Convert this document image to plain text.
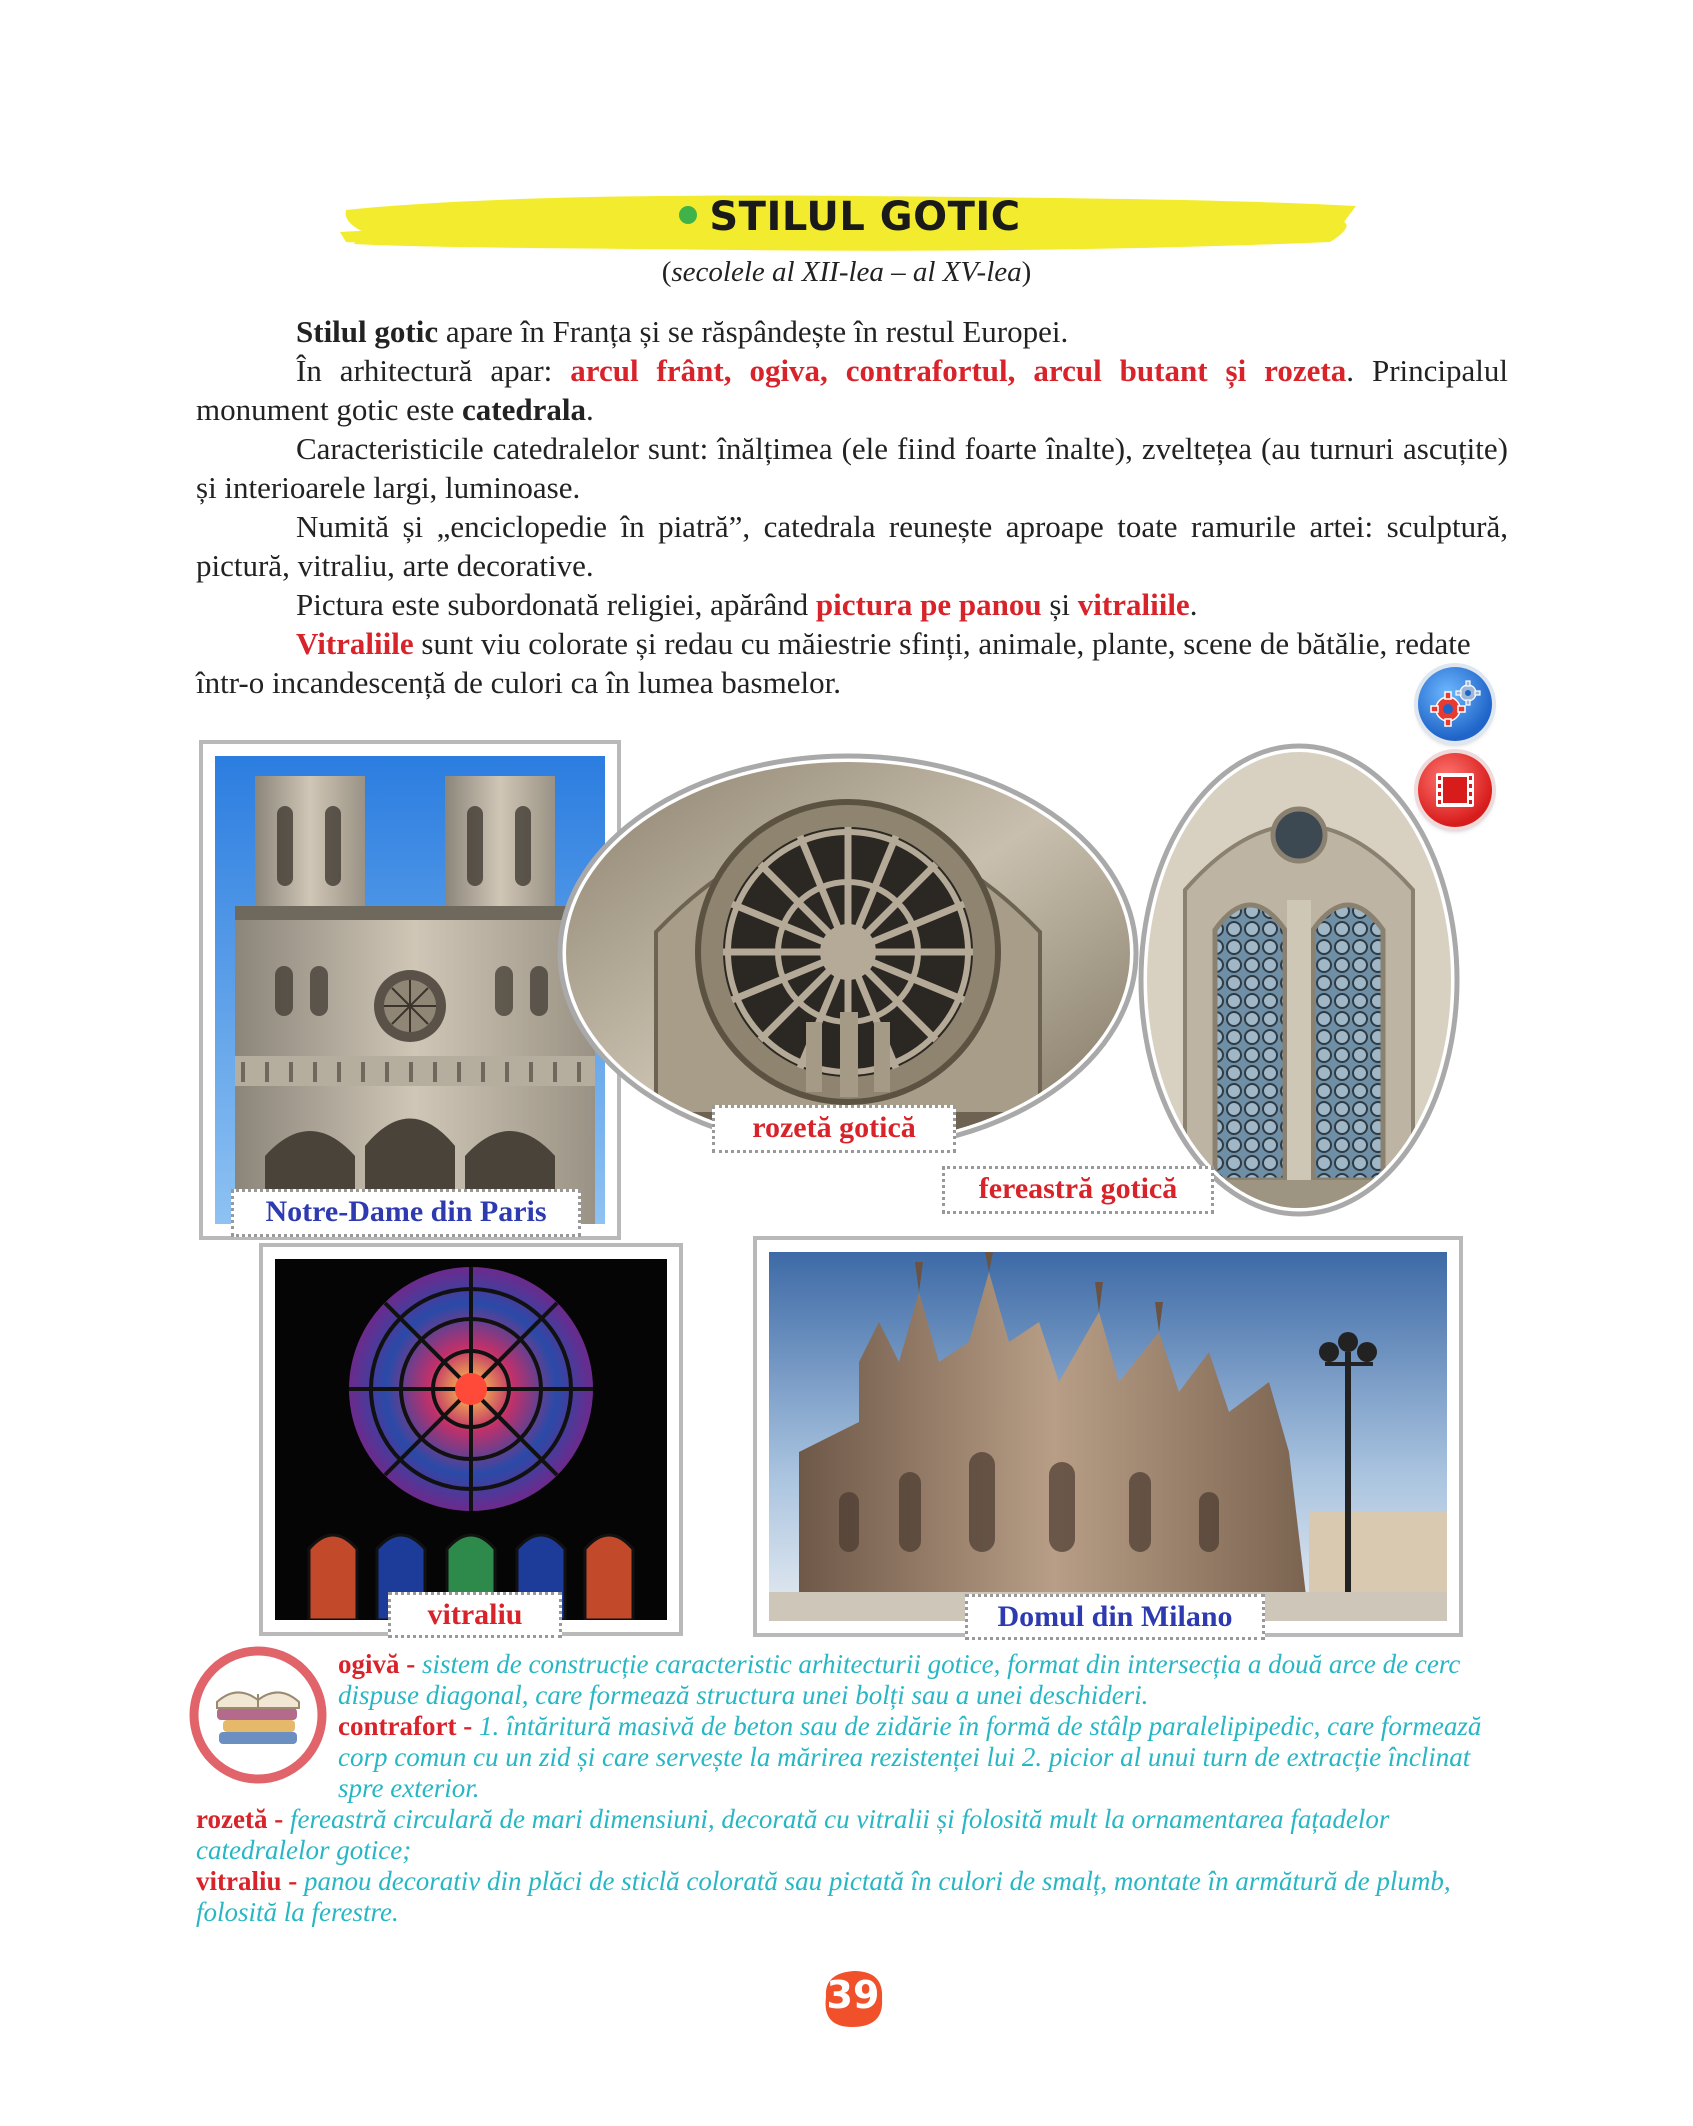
STILUL GOTIC
(secolele al XII-lea – al XV-lea)

Stilul gotic apare în Franța și se răspândește în restul Europei.

În arhitectură apar: arcul frânt, ogiva, contrafortul, arcul butant și rozeta. Principalul monument gotic este catedrala.

Caracteristicile catedralelor sunt: înălțimea (ele fiind foarte înalte), zveltețea (au turnuri ascuțite) și interioarele largi, luminoase.

Numită și „enciclopedie în piatră”, catedrala reunește aproape toate ramurile artei: sculptură, pictură, vitraliu, arte decorative.

Pictura este subordonată religiei, apărând pictura pe panou și vitraliile.

Vitraliile sunt viu colorate și redau cu măiestrie sfinți, animale, plante, scene de bătălie, redate într-o incandescență de culori ca în lumea basmelor.

Notre-Dame din Paris
rozetă gotică
fereastră gotică
vitraliu	Domul din Milano
ogivă - sistem de construcție caracteristic arhitecturii gotice, format din intersecția a două arce de cerc dispuse diagonal, care formează structura unei bolți sau a unei deschideri.
contrafort - 1. întăritură masivă de beton sau de zidărie în formă de stâlp paralelipipedic, care formează corp comun cu un zid și care servește la mărirea rezistenței lui 2. picior al unui turn de extracție înclinat spre exterior.
rozetă - fereastră circulară de mari dimensiuni, decorată cu vitralii și folosită mult la ornamentarea fațadelor catedralelor gotice;
vitraliu - panou decorativ din plăci de sticlă colorată sau pictată în culori de smalț, montate în armătură de plumb, folosită la ferestre.
39
